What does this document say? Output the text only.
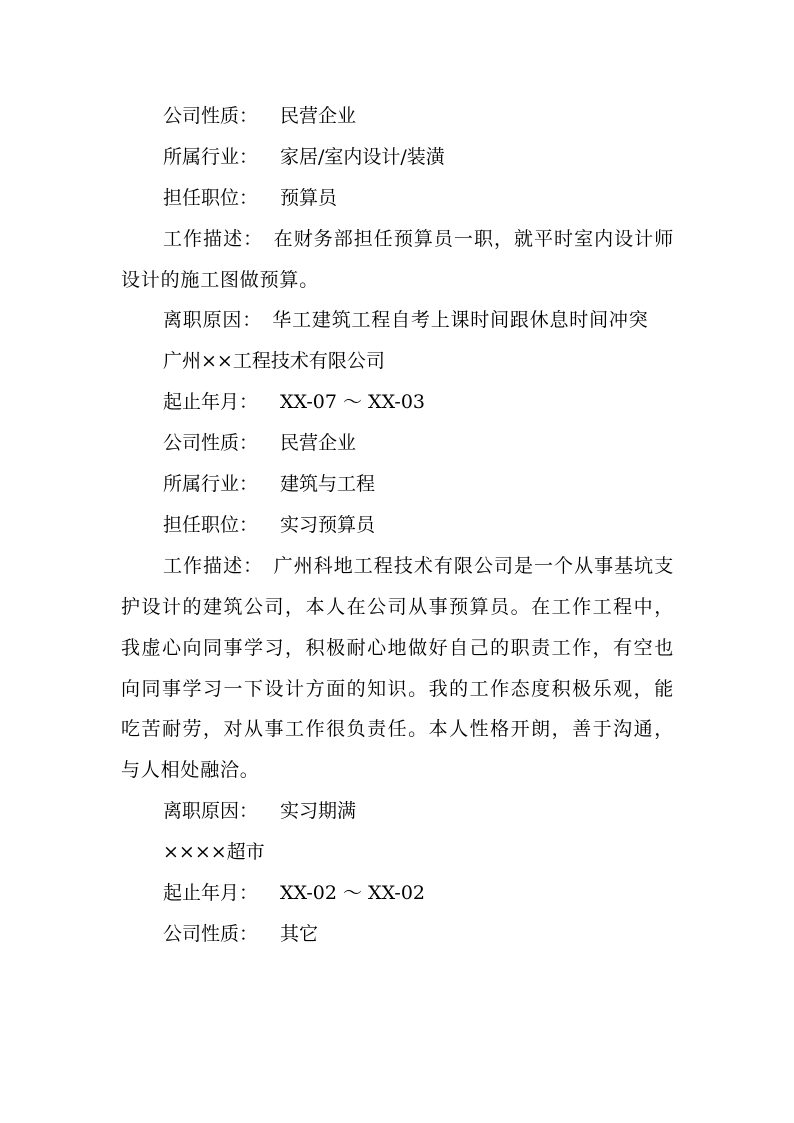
公司性质： 民营企业
所属行业： 家居/室内设计/装潢
担任职位： 预算员

工作描述：　在财务部担任预算员一职，就平时室内设计师设计的施工图做预算。

离职原因：　华工建筑工程自考上课时间跟休息时间冲突

广州××工程技术有限公司
起止年月： XX-07 ～ XX-03
公司性质： 民营企业
所属行业： 建筑与工程
担任职位： 实习预算员

工作描述：　广州科地工程技术有限公司是一个从事基坑支护设计的建筑公司，本人在公司从事预算员。在工作工程中，我虚心向同事学习，积极耐心地做好自己的职责工作，有空也向同事学习一下设计方面的知识。我的工作态度积极乐观，能吃苦耐劳，对从事工作很负责任。本人性格开朗，善于沟通，与人相处融洽。

离职原因： 实习期满
××××超市
起止年月： XX-02 ～ XX-02
公司性质： 其它
